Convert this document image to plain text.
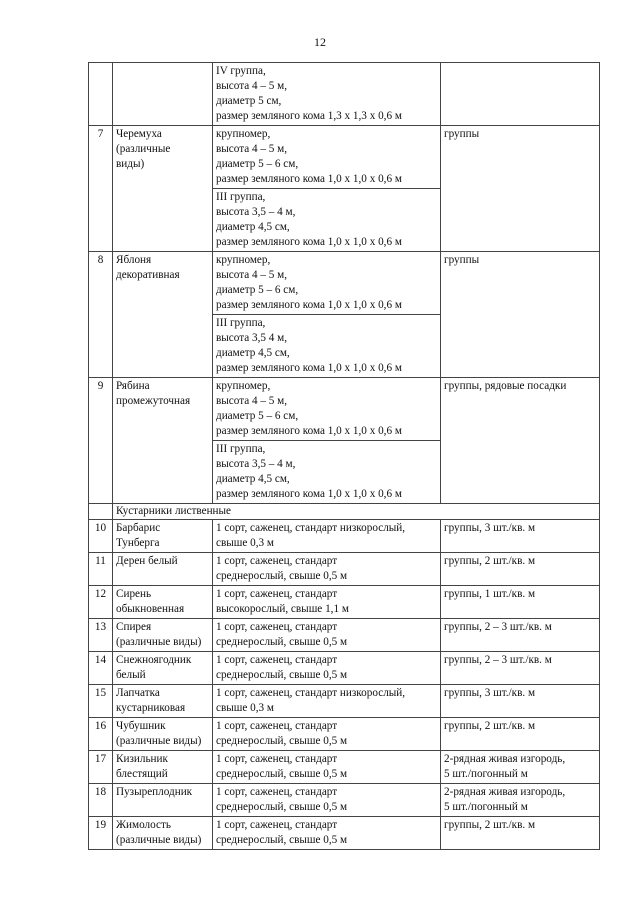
12

		IV группа,
высота 4 – 5 м,
диаметр 5 см,
размер земляного кома 1,3 x 1,3 x 0,6 м	

7	Черемуха
(различные
виды)	крупномер,
высота 4 – 5 м,
диаметр 5 – 6 см,
размер земляного кома 1,0 x 1,0 x 0,6 м	группы

		III группа,
высота 3,5 – 4 м,
диаметр 4,5 см,
размер земляного кома 1,0 x 1,0 x 0,6 м	

8	Яблоня
декоративная	крупномер,
высота 4 – 5 м,
диаметр 5 – 6 см,
размер земляного кома 1,0 x 1,0 x 0,6 м	группы

		III группа,
высота 3,5 4 м,
диаметр 4,5 см,
размер земляного кома 1,0 x 1,0 x 0,6 м	

9	Рябина
промежуточная	крупномер,
высота 4 – 5 м,
диаметр 5 – 6 см,
размер земляного кома 1,0 x 1,0 x 0,6 м	группы, рядовые посадки

		III группа,
высота 3,5 – 4 м,
диаметр 4,5 см,
размер земляного кома 1,0 x 1,0 x 0,6 м	

	Кустарники лиственные		
10	Барбарис
Тунберга	1 сорт, саженец, стандарт низкорослый,
свыше 0,3 м	группы, 3 шт./кв. м

11	Дерен белый	1 сорт, саженец, стандарт
среднерослый, свыше 0,5 м	группы, 2 шт./кв. м

12	Сирень
обыкновенная	1 сорт, саженец, стандарт
высокорослый, свыше 1,1 м	группы, 1 шт./кв. м

13	Спирея
(различные виды)	1 сорт, саженец, стандарт
среднерослый, свыше 0,5 м	группы, 2 – 3 шт./кв. м

14	Снежноягодник
белый	1 сорт, саженец, стандарт
среднерослый, свыше 0,5 м	группы, 2 – 3 шт./кв. м

15	Лапчатка
кустарниковая	1 сорт, саженец, стандарт низкорослый,
свыше 0,3 м	группы, 3 шт./кв. м

16	Чубушник
(различные виды)	1 сорт, саженец, стандарт
среднерослый, свыше 0,5 м	группы, 2 шт./кв. м

17	Кизильник
блестящий	1 сорт, саженец, стандарт
среднерослый, свыше 0,5 м	2-рядная живая изгородь,
5 шт./погонный м

18	Пузыреплодник	1 сорт, саженец, стандарт
среднерослый, свыше 0,5 м	2-рядная живая изгородь,
5 шт./погонный м

19	Жимолость
(различные виды)	1 сорт, саженец, стандарт
среднерослый, свыше 0,5 м	группы, 2 шт./кв. м
